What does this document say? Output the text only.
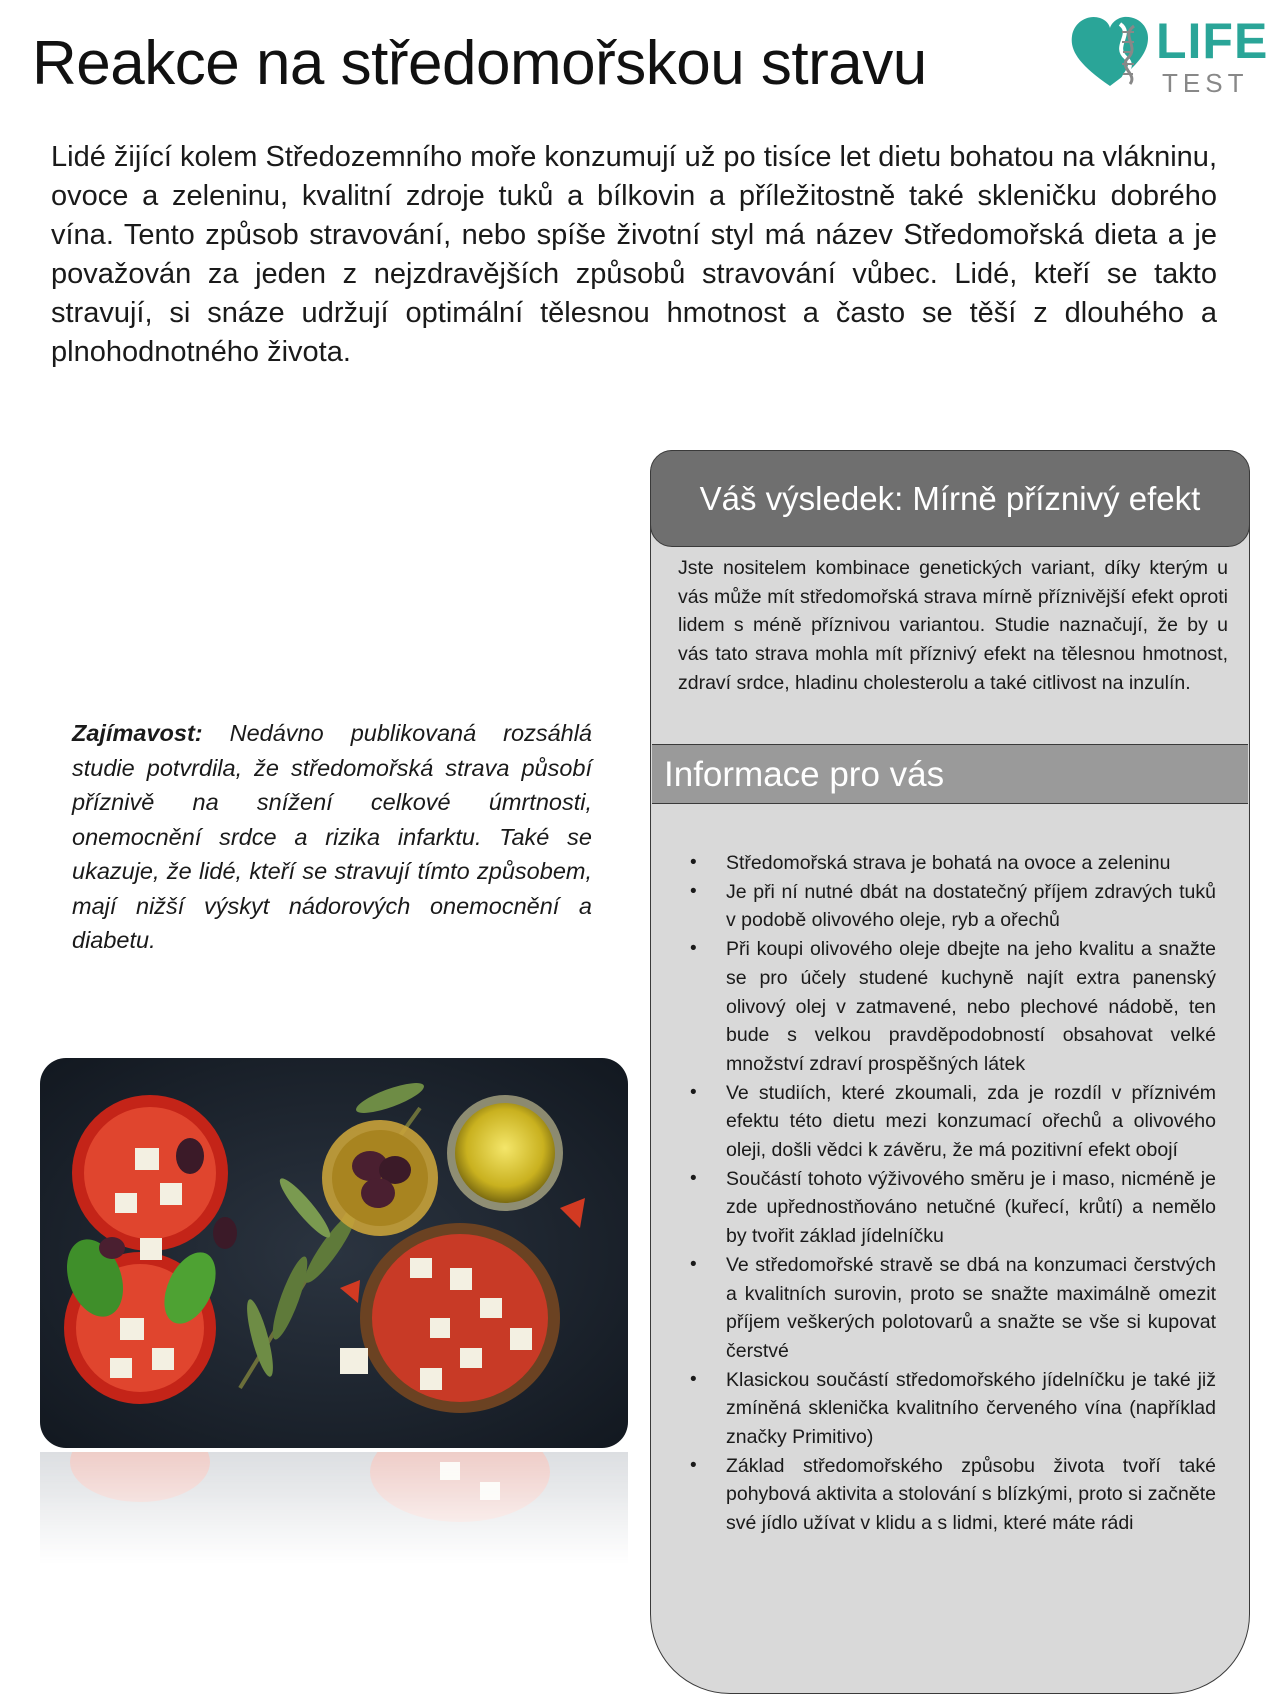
Reakce na středomořskou stravu	LIFE
TEST

Lidé žijící kolem Středozemního moře konzumují už po tisíce let dietu bohatou na vlákninu, ovoce a zeleninu, kvalitní zdroje tuků a bílkovin a příležitostně také skleničku dobrého vína. Tento způsob stravování, nebo spíše životní styl má název Středomořská dieta a je považován za jeden z nejzdravějších způsobů stravování vůbec. Lidé, kteří se takto stravují, si snáze udržují optimální tělesnou hmotnost a často se těší z dlouhého a plnohodnotného života.

Zajímavost: Nedávno publikovaná rozsáhlá studie potvrdila, že středomořská strava působí příznivě na snížení celkové úmrtnosti, onemocnění srdce a rizika infarktu. Také se ukazuje, že lidé, kteří se stravují tímto způsobem, mají nižší výskyt nádorových onemocnění a diabetu.

Váš výsledek: Mírně příznivý efekt

Jste nositelem kombinace genetických variant, díky kterým u vás může mít středomořská strava mírně příznivější efekt oproti lidem s méně příznivou variantou. Studie naznačují, že by u vás tato strava mohla mít příznivý efekt na tělesnou hmotnost, zdraví srdce, hladinu cholesterolu a také citlivost na inzulín.

Informace pro vás
• Středomořská strava je bohatá na ovoce a zeleninu
• Je při ní nutné dbát na dostatečný příjem zdravých tuků v podobě olivového oleje, ryb a ořechů
• Při koupi olivového oleje dbejte na jeho kvalitu a snažte se pro účely studené kuchyně najít extra panenský olivový olej v zatmavené, nebo plechové nádobě, ten bude s velkou pravděpodobností obsahovat velké množství zdraví prospěšných látek
• Ve studiích, které zkoumali, zda je rozdíl v příznivém efektu této dietu mezi konzumací ořechů a olivového oleji, došli vědci k závěru, že má pozitivní efekt obojí
• Součástí tohoto výživového směru je i maso, nicméně je zde upřednostňováno netučné (kuřecí, krůtí) a nemělo by tvořit základ jídelníčku
• Ve středomořské stravě se dbá na konzumaci čerstvých a kvalitních surovin, proto se snažte maximálně omezit příjem veškerých polotovarů a snažte se vše si kupovat čerstvé
• Klasickou součástí středomořského jídelníčku je také již zmíněná sklenička kvalitního červeného vína (například značky Primitivo)
• Základ středomořského způsobu života tvoří také pohybová aktivita a stolování s blízkými, proto si začněte své jídlo užívat v klidu a s lidmi, které máte rádi
